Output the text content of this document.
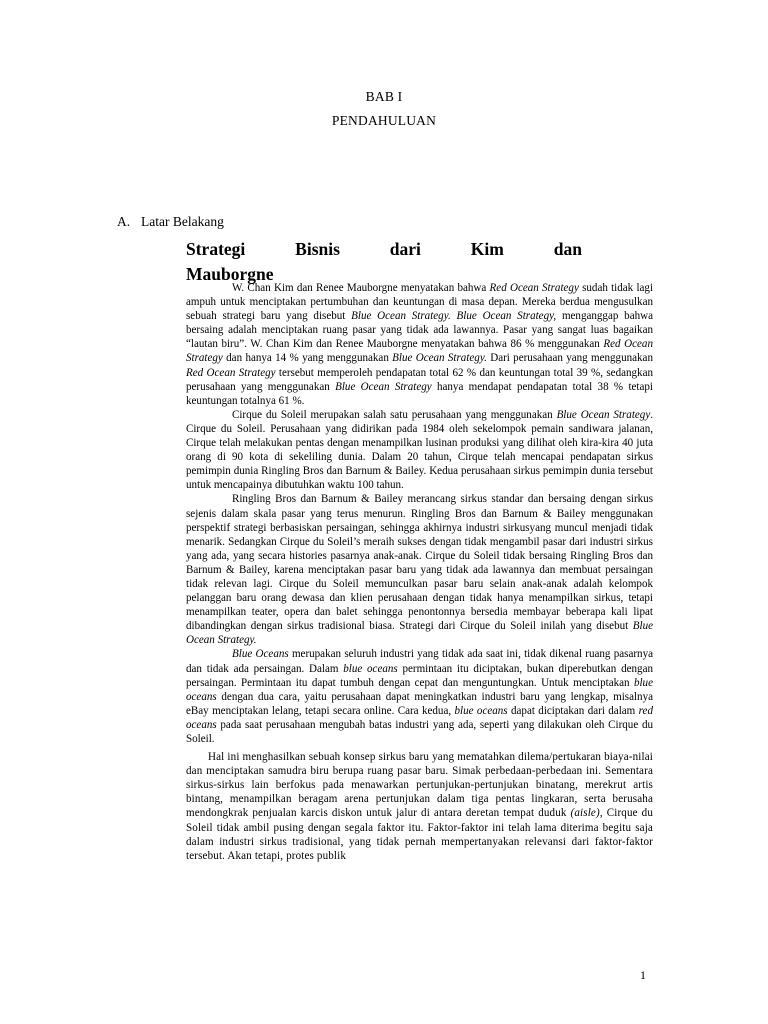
BAB I
PENDAHULUAN
A. Latar Belakang
Strategi	Bisnis	dari	Kim	dan
Mauborgne

W. Chan Kim dan Renee Mauborgne menyatakan bahwa Red Ocean Strategy sudah tidak lagi ampuh untuk menciptakan pertumbuhan dan keuntungan di masa depan. Mereka berdua mengusulkan sebuah strategi baru yang disebut Blue Ocean Strategy. Blue Ocean Strategy, menganggap bahwa bersaing adalah menciptakan ruang pasar yang tidak ada lawannya. Pasar yang sangat luas bagaikan “lautan biru”. W. Chan Kim dan Renee Mauborgne menyatakan bahwa 86 % menggunakan Red Ocean Strategy dan hanya 14 % yang menggunakan Blue Ocean Strategy. Dari perusahaan yang menggunakan Red Ocean Strategy tersebut memperoleh pendapatan total 62 % dan keuntungan total 39 %, sedangkan perusahaan yang menggunakan Blue Ocean Strategy hanya mendapat pendapatan total 38 % tetapi keuntungan totalnya 61 %.

Cirque du Soleil merupakan salah satu perusahaan yang menggunakan Blue Ocean Strategy. Cirque du Soleil. Perusahaan yang didirikan pada 1984 oleh sekelompok pemain sandiwara jalanan, Cirque telah melakukan pentas dengan menampilkan lusinan produksi yang dilihat oleh kira-kira 40 juta orang di 90 kota di sekeliling dunia. Dalam 20 tahun, Cirque telah mencapai pendapatan sirkus pemimpin dunia Ringling Bros dan Barnum & Bailey. Kedua perusahaan sirkus pemimpin dunia tersebut untuk mencapainya dibutuhkan waktu 100 tahun.

Ringling Bros dan Barnum & Bailey merancang sirkus standar dan bersaing dengan sirkus sejenis dalam skala pasar yang terus menurun. Ringling Bros dan Barnum & Bailey menggunakan perspektif strategi berbasiskan persaingan, sehingga akhirnya industri sirkusyang muncul menjadi tidak menarik. Sedangkan Cirque du Soleil’s meraih sukses dengan tidak mengambil pasar dari industri sirkus yang ada, yang secara histories pasarnya anak-anak. Cirque du Soleil tidak bersaing Ringling Bros dan Barnum & Bailey, karena menciptakan pasar baru yang tidak ada lawannya dan membuat persaingan tidak relevan lagi. Cirque du Soleil memunculkan pasar baru selain anak-anak adalah kelompok pelanggan baru orang dewasa dan klien perusahaan dengan tidak hanya menampilkan sirkus, tetapi menampilkan teater, opera dan balet sehingga penontonnya bersedia membayar beberapa kali lipat dibandingkan dengan sirkus tradisional biasa. Strategi dari Cirque du Soleil inilah yang disebut Blue Ocean Strategy.

Blue Oceans merupakan seluruh industri yang tidak ada saat ini, tidak dikenal ruang pasarnya dan tidak ada persaingan. Dalam blue oceans permintaan itu diciptakan, bukan diperebutkan dengan persaingan. Permintaan itu dapat tumbuh dengan cepat dan menguntungkan. Untuk menciptakan blue oceans dengan dua cara, yaitu perusahaan dapat meningkatkan industri baru yang lengkap, misalnya eBay menciptakan lelang, tetapi secara online. Cara kedua, blue oceans dapat diciptakan dari dalam red oceans pada saat perusahaan mengubah batas industri yang ada, seperti yang dilakukan oleh Cirque du Soleil.

Hal ini menghasilkan sebuah konsep sirkus baru yang mematahkan dilema/pertukaran biaya-nilai dan menciptakan samudra biru berupa ruang pasar baru. Simak perbedaan-perbedaan ini. Sementara sirkus-sirkus lain berfokus pada menawarkan pertunjukan-pertunjukan binatang, merekrut artis bintang, menampilkan beragam arena pertunjukan dalam tiga pentas lingkaran, serta berusaha mendongkrak penjualan karcis diskon untuk jalur di antara deretan tempat duduk (aisle), Cirque du Soleil tidak ambil pusing dengan segala faktor itu. Faktor-faktor ini telah lama diterima begitu saja dalam industri sirkus tradisional, yang tidak pernah mempertanyakan relevansi dari faktor-faktor tersebut. Akan tetapi, protes publik

1
